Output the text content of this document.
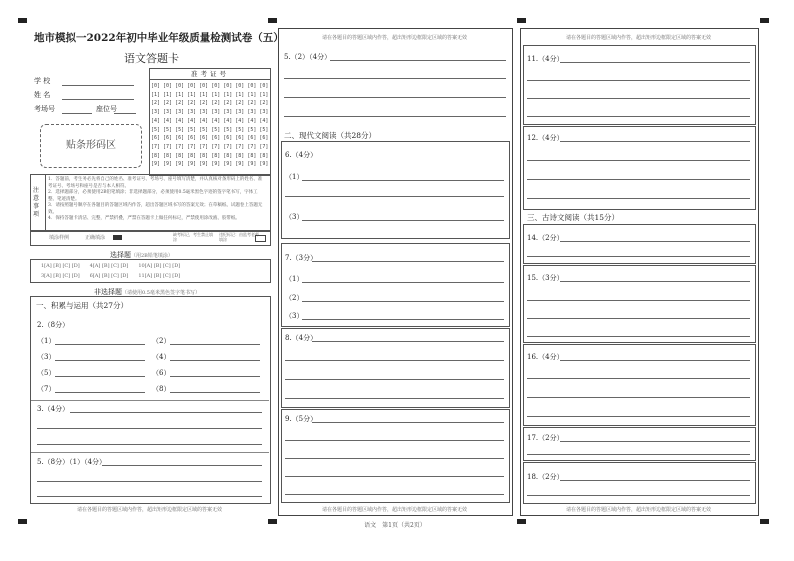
地市模拟一2022年初中毕业年级质量检测试卷（五）
语文答题卡
学 校
姓 名
考场号	座位号
贴条形码区
准考证号
[0] [0] [0] [0] [0] [0] [0] [0] [0] [0]
[1] [1] [1] [1] [1] [1] [1] [1] [1] [1]
[2] [2] [2] [2] [2] [2] [2] [2] [2] [2]
[3] [3] [3] [3] [3] [3] [3] [3] [3] [3]
[4] [4] [4] [4] [4] [4] [4] [4] [4] [4]
[5] [5] [5] [5] [5] [5] [5] [5] [5] [5]
[6] [6] [6] [6] [6] [6] [6] [6] [6] [6]
[7] [7] [7] [7] [7] [7] [7] [7] [7] [7]
[8] [8] [8] [8] [8] [8] [8] [8] [8] [8]
[9] [9] [9] [9] [9] [9] [9] [9] [9] [9]
注意事项
1．答题前，考生务必先将自己的姓名、准考证号、考场号、座号填写清楚，并认真核对条形码上的姓名、准考证号、考场号和座号是否与本人相符。
2．选择题部分，必须使用2B铅笔填涂；非选择题部分，必须使用0.5毫米黑色字迹的签字笔书写，字体工整、笔迹清楚。
3．请按照题号顺序在各题目的答题区域内作答，超出答题区域书写的答案无效；在草稿纸、试题卷上答题无效。
4．保持答题卡清洁、完整，严禁折叠，严禁在答题卡上做任何标记，严禁使用涂改液、胶带纸。
填涂样例	正确填涂
缺考标记，考生禁止填涂
违纪标记：由监考老师填涂
选择题（用2B铅笔填涂）
1[A] [B] [C] [D]　　4[A] [B] [C] [D]　　10[A] [B] [C] [D]
3[A] [B] [C] [D]　　6[A] [B] [C] [D]　　11[A] [B] [C] [D]
非选择题（请使用0.5毫米黑色签字笔书写）
一、积累与运用（共27分）
2.（8分）
（1）	（2）
（3）	（4）
（5）	（6）
（7）	（8）
3.（4分）
5.（8分）（1）（4分）
请在各题目的答题区域内作答，超出矩形边框限定区域的答案无效
请在各题目的答题区域内作答，超出矩形边框限定区域的答案无效
5.（2）（4分）
二、现代文阅读（共28分）
6.（4分）
（1）
（3）
7.（3分）
（1）
（2）
（3）
8.（4分）
9.（5分）
请在各题目的答题区域内作答，超出矩形边框限定区域的答案无效
语文　第1页（共2页）
请在各题目的答题区域内作答，超出矩形边框限定区域的答案无效
11.（4分）
12.（4分）
三、古诗文阅读（共15分）
14.（2分）
15.（3分）
16.（4分）
17.（2分）
18.（2分）
请在各题目的答题区域内作答，超出矩形边框限定区域的答案无效
